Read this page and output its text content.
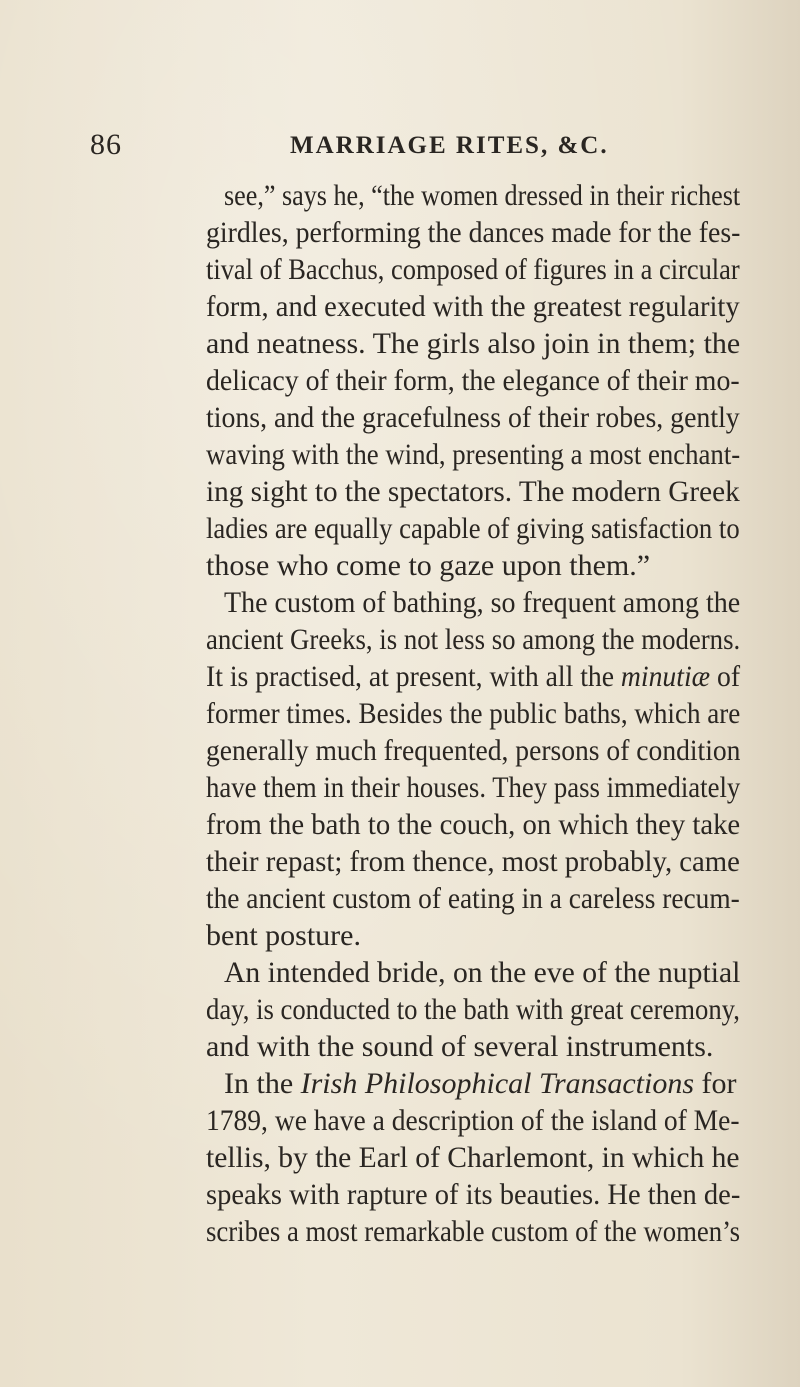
86	MARRIAGE RITES, &C.
see,” says he, “the women dressed in their richest
girdles, performing the dances made for the fes-
tival of Bacchus, composed of figures in a circular
form, and executed with the greatest regularity
and neatness. The girls also join in them; the
delicacy of their form, the elegance of their mo-
tions, and the gracefulness of their robes, gently
waving with the wind, presenting a most enchant-
ing sight to the spectators. The modern Greek
ladies are equally capable of giving satisfaction to
those who come to gaze upon them.”
The custom of bathing, so frequent among the
ancient Greeks, is not less so among the moderns.
It is practised, at present, with all the minutiæ of
former times. Besides the public baths, which are
generally much frequented, persons of condition
have them in their houses. They pass immediately
from the bath to the couch, on which they take
their repast; from thence, most probably, came
the ancient custom of eating in a careless recum-
bent posture.
An intended bride, on the eve of the nuptial
day, is conducted to the bath with great ceremony,
and with the sound of several instruments.
In the Irish Philosophical Transactions for
1789, we have a description of the island of Me-
tellis, by the Earl of Charlemont, in which he
speaks with rapture of its beauties. He then de-
scribes a most remarkable custom of the women’s
